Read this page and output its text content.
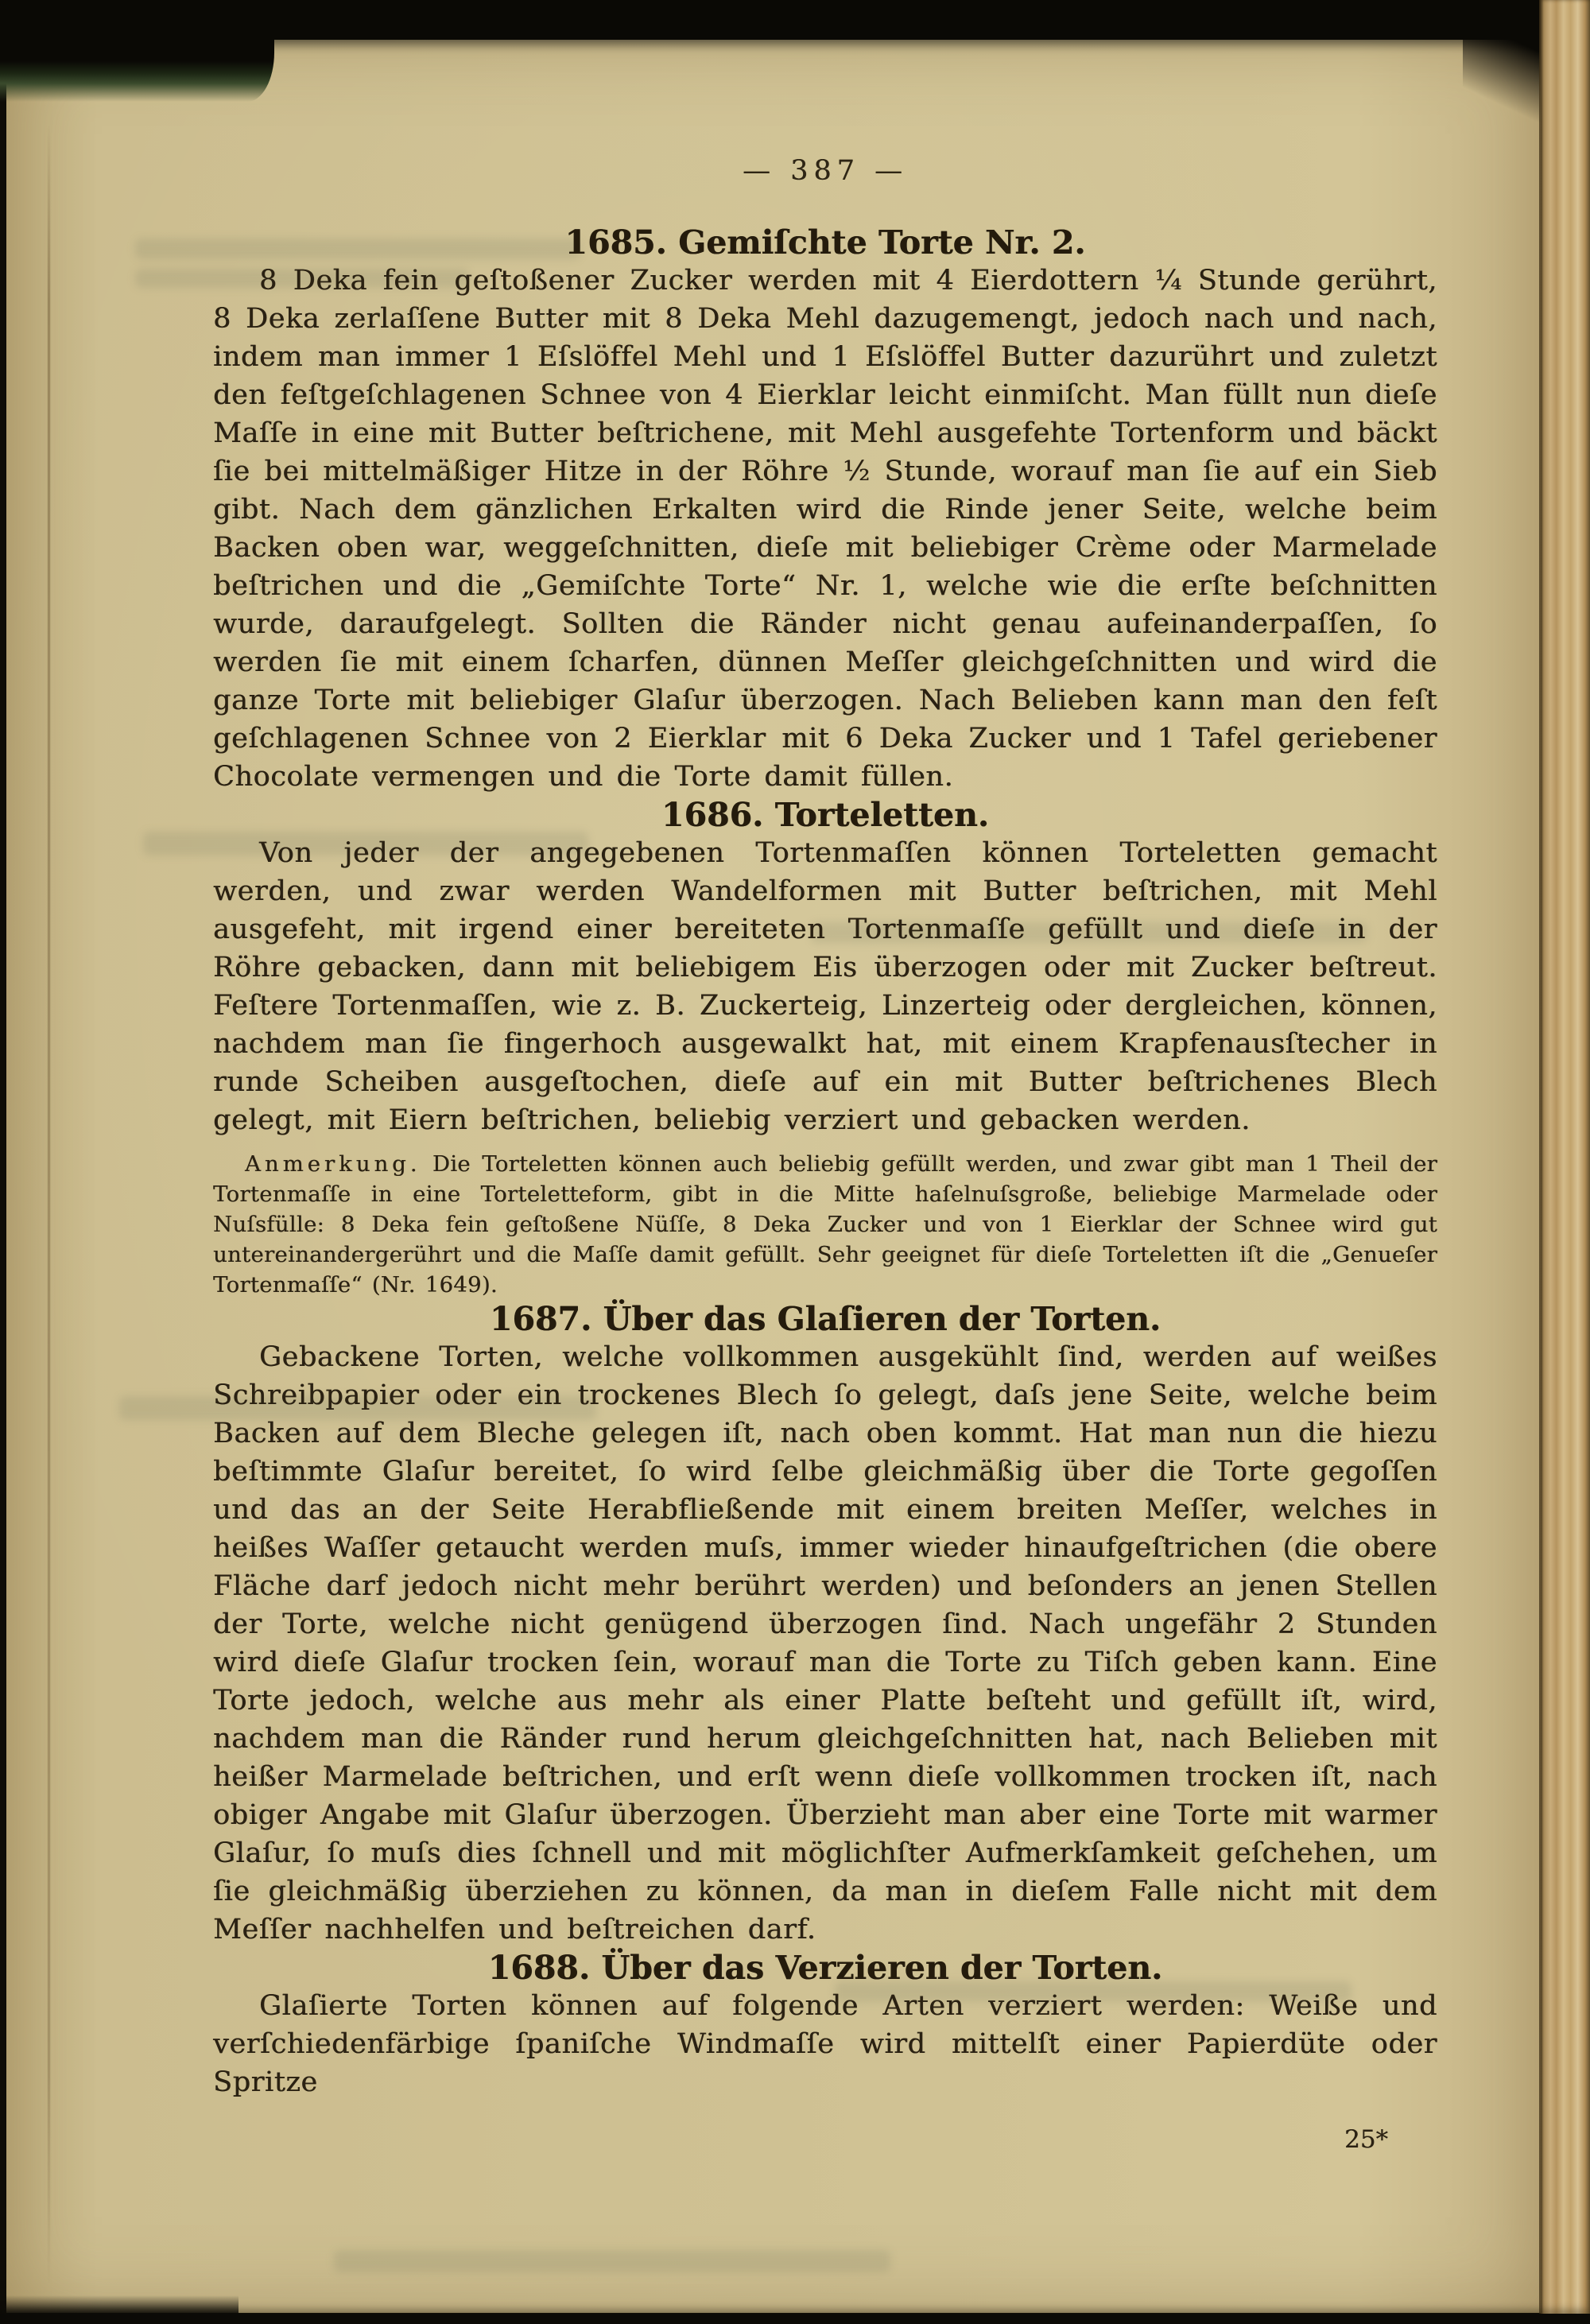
— 387 —
1685. Gemiſchte Torte Nr. 2.

8 Deka fein geſtoßener Zucker werden mit 4 Eierdottern ¼ Stunde gerührt, 8 Deka zerlaſſene Butter mit 8 Deka Mehl dazugemengt, jedoch nach und nach, indem man immer 1 Eſslöffel Mehl und 1 Eſslöffel Butter dazurührt und zuletzt den feſtgeſchlagenen Schnee von 4 Eierklar leicht einmiſcht. Man füllt nun dieſe Maſſe in eine mit Butter beſtrichene, mit Mehl ausgefehte Tortenform und bäckt ſie bei mittelmäßiger Hitze in der Röhre ½ Stunde, worauf man ſie auf ein Sieb gibt. Nach dem gänzlichen Erkalten wird die Rinde jener Seite, welche beim Backen oben war, weggeſchnitten, dieſe mit beliebiger Crème oder Marmelade beſtrichen und die „Gemiſchte Torte“ Nr. 1, welche wie die erſte beſchnitten wurde, daraufgelegt. Sollten die Ränder nicht genau aufeinanderpaſſen, ſo werden ſie mit einem ſcharfen, dünnen Meſſer gleichgeſchnitten und wird die ganze Torte mit beliebiger Glaſur überzogen. Nach Belieben kann man den feſt geſchlagenen Schnee von 2 Eierklar mit 6 Deka Zucker und 1 Tafel geriebener Chocolate vermengen und die Torte damit füllen.

1686. Torteletten.

Von jeder der angegebenen Tortenmaſſen können Torteletten gemacht werden, und zwar werden Wandelformen mit Butter beſtrichen, mit Mehl ausgefeht, mit irgend einer bereiteten Tortenmaſſe gefüllt und dieſe in der Röhre gebacken, dann mit beliebigem Eis überzogen oder mit Zucker beſtreut. Feſtere Tortenmaſſen, wie z. B. Zuckerteig, Linzerteig oder dergleichen, können, nachdem man ſie fingerhoch ausgewalkt hat, mit einem Krapfenausſtecher in runde Scheiben ausgeſtochen, dieſe auf ein mit Butter beſtrichenes Blech gelegt, mit Eiern beſtrichen, beliebig verziert und gebacken werden.

Anmerkung. Die Torteletten können auch beliebig gefüllt werden, und zwar gibt man 1 Theil der Tortenmaſſe in eine Torteletteform, gibt in die Mitte haſelnuſsgroße, beliebige Marmelade oder Nuſsfülle: 8 Deka fein geſtoßene Nüſſe, 8 Deka Zucker und von 1 Eierklar der Schnee wird gut untereinandergerührt und die Maſſe damit gefüllt. Sehr geeignet für dieſe Torteletten iſt die „Genueſer Tortenmaſſe“ (Nr. 1649).

1687. Über das Glaſieren der Torten.

Gebackene Torten, welche vollkommen ausgekühlt ſind, werden auf weißes Schreibpapier oder ein trockenes Blech ſo gelegt, daſs jene Seite, welche beim Backen auf dem Bleche gelegen iſt, nach oben kommt. Hat man nun die hiezu beſtimmte Glaſur bereitet, ſo wird ſelbe gleichmäßig über die Torte gegoſſen und das an der Seite Herabfließende mit einem breiten Meſſer, welches in heißes Waſſer getaucht werden muſs, immer wieder hinaufgeſtrichen (die obere Fläche darf jedoch nicht mehr berührt werden) und beſonders an jenen Stellen der Torte, welche nicht genügend überzogen ſind. Nach ungefähr 2 Stunden wird dieſe Glaſur trocken ſein, worauf man die Torte zu Tiſch geben kann. Eine Torte jedoch, welche aus mehr als einer Platte beſteht und gefüllt iſt, wird, nachdem man die Ränder rund herum gleichgeſchnitten hat, nach Belieben mit heißer Marmelade beſtrichen, und erſt wenn dieſe vollkommen trocken iſt, nach obiger Angabe mit Glaſur überzogen. Überzieht man aber eine Torte mit warmer Glaſur, ſo muſs dies ſchnell und mit möglichſter Aufmerkſamkeit geſchehen, um ſie gleichmäßig überziehen zu können, da man in dieſem Falle nicht mit dem Meſſer nachhelfen und beſtreichen darf.

1688. Über das Verzieren der Torten.

Glaſierte Torten können auf folgende Arten verziert werden: Weiße und verſchiedenfärbige ſpaniſche Windmaſſe wird mittelſt einer Papierdüte oder Spritze

25*
